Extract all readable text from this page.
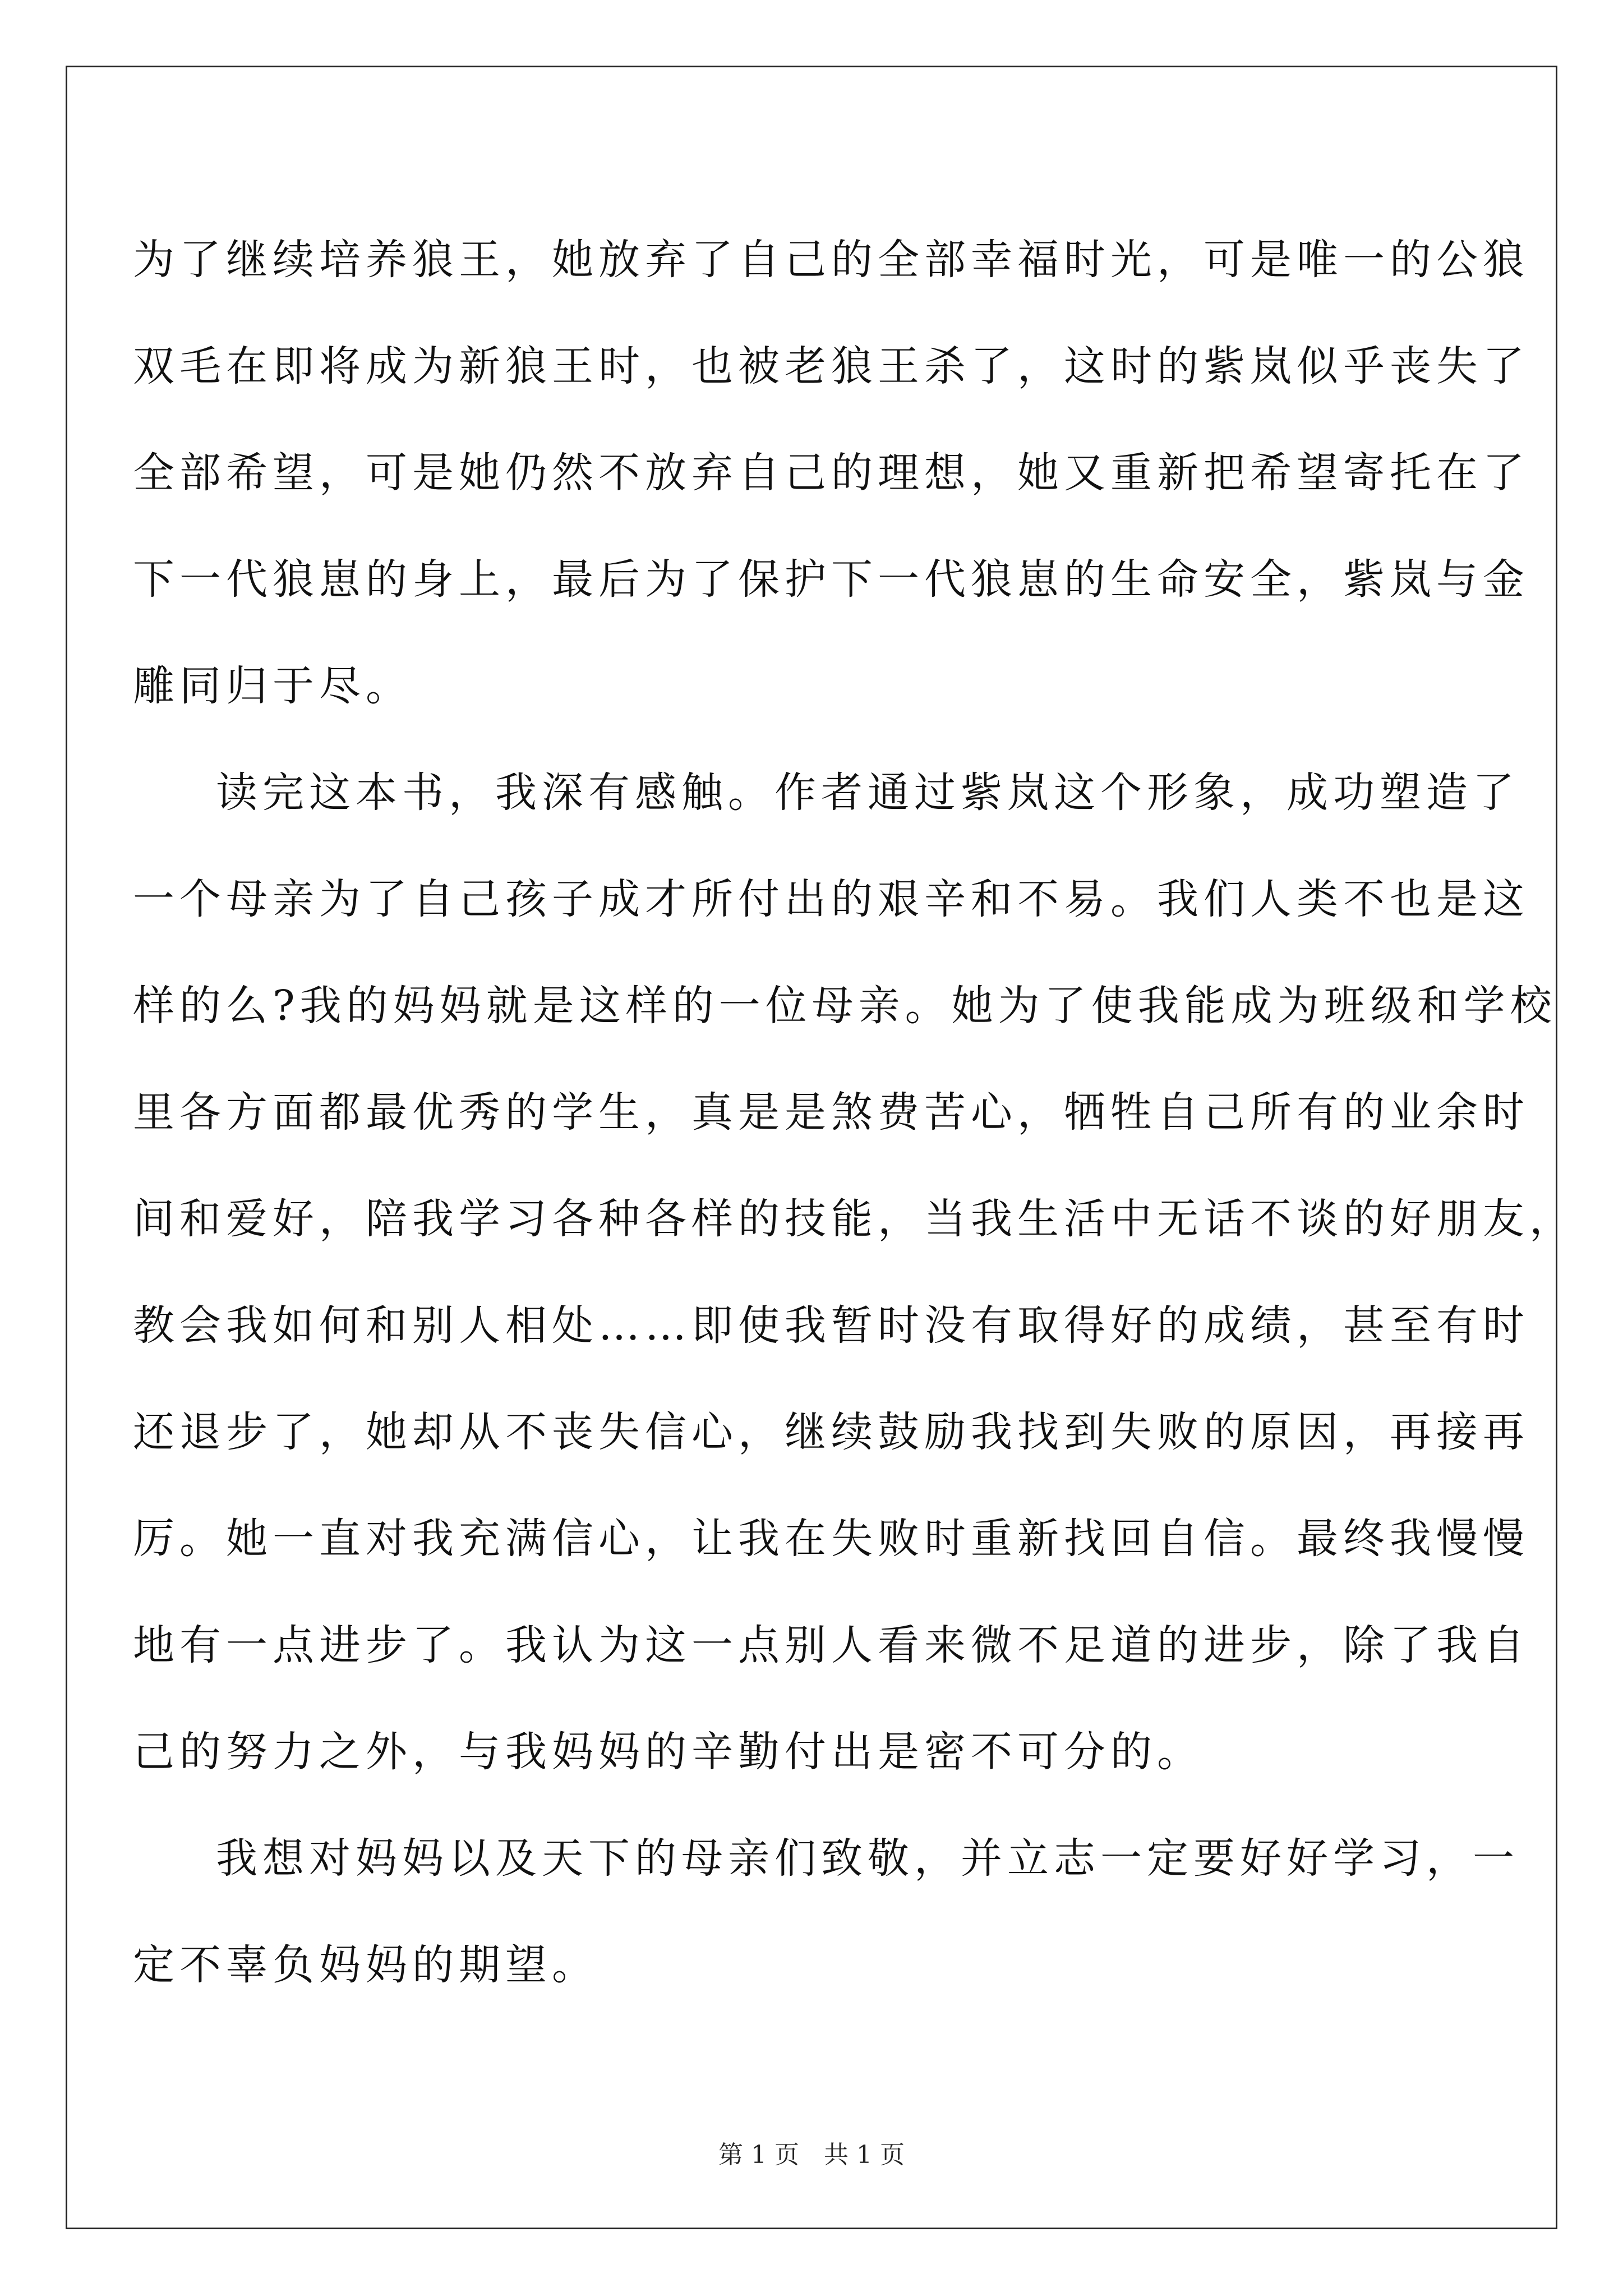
为了继续培养狼王，她放弃了自己的全部幸福时光，可是唯一的公狼
双毛在即将成为新狼王时，也被老狼王杀了，这时的紫岚似乎丧失了
全部希望，可是她仍然不放弃自己的理想，她又重新把希望寄托在了
下一代狼崽的身上，最后为了保护下一代狼崽的生命安全，紫岚与金
雕同归于尽。
读完这本书，我深有感触。作者通过紫岚这个形象，成功塑造了
一个母亲为了自己孩子成才所付出的艰辛和不易。我们人类不也是这
样的么?我的妈妈就是这样的一位母亲。她为了使我能成为班级和学校
里各方面都最优秀的学生，真是是煞费苦心，牺牲自己所有的业余时
间和爱好，陪我学习各种各样的技能，当我生活中无话不谈的好朋友，
教会我如何和别人相处……即使我暂时没有取得好的成绩，甚至有时
还退步了，她却从不丧失信心，继续鼓励我找到失败的原因，再接再
厉。她一直对我充满信心，让我在失败时重新找回自信。最终我慢慢
地有一点进步了。我认为这一点别人看来微不足道的进步，除了我自
己的努力之外，与我妈妈的辛勤付出是密不可分的。
我想对妈妈以及天下的母亲们致敬，并立志一定要好好学习，一
定不辜负妈妈的期望。
第 1 页　共 1 页
